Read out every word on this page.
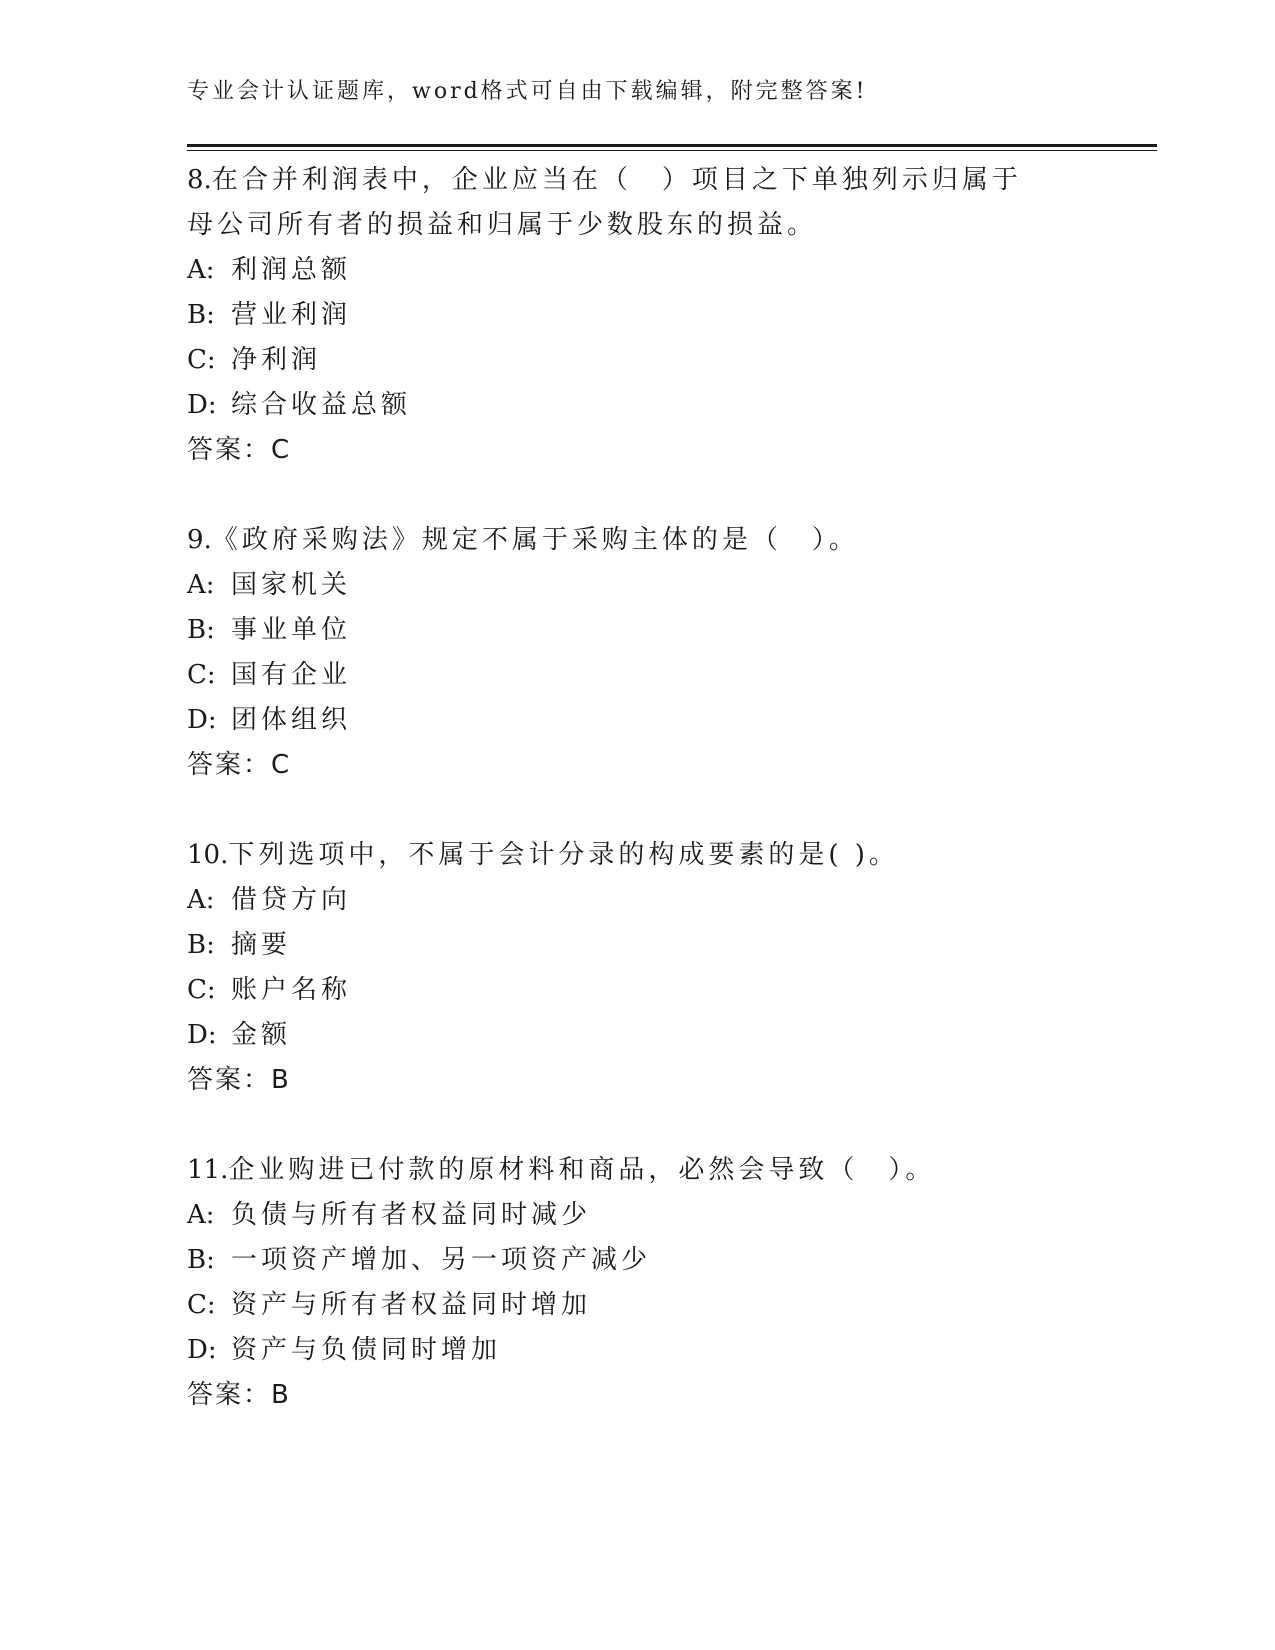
专业会计认证题库，word格式可自由下载编辑，附完整答案!
8.在合并利润表中，企业应当在（　）项目之下单独列示归属于母公司所有者的损益和归属于少数股东的损益。
A: 利润总额
B: 营业利润
C: 净利润
D: 综合收益总额
答案：C
9.《政府采购法》规定不属于采购主体的是（　）。
A: 国家机关
B: 事业单位
C: 国有企业
D: 团体组织
答案：C
10.下列选项中，不属于会计分录的构成要素的是( )。
A: 借贷方向
B: 摘要
C: 账户名称
D: 金额
答案：B
11.企业购进已付款的原材料和商品，必然会导致（　）。
A: 负债与所有者权益同时减少
B: 一项资产增加、另一项资产减少
C: 资产与所有者权益同时增加
D: 资产与负债同时增加
答案：B
